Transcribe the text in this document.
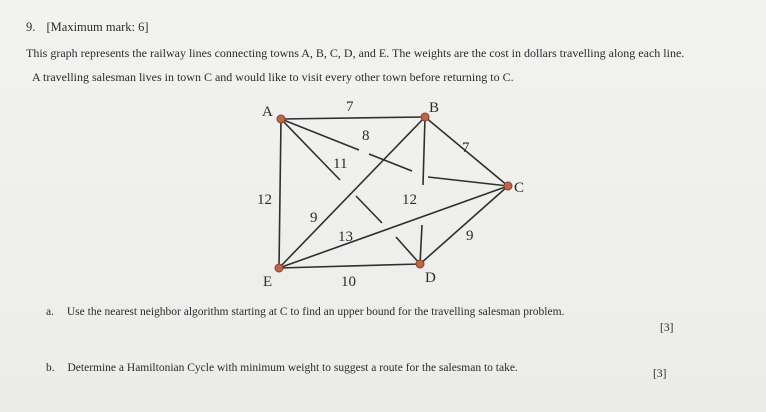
9. [Maximum mark: 6]
This graph represents the railway lines connecting towns A, B, C, D, and E. The weights are the cost in dollars travelling along each line.
A travelling salesman lives in town C and would like to visit every other town before returning to C.
A	B
C
D
E
7
8
7
12
11
9
12
13	9
10
a. Use the nearest neighbor algorithm starting at C to find an upper bound for the travelling salesman problem.
[3]
b. Determine a Hamiltonian Cycle with minimum weight to suggest a route for the salesman to take.	[3]
